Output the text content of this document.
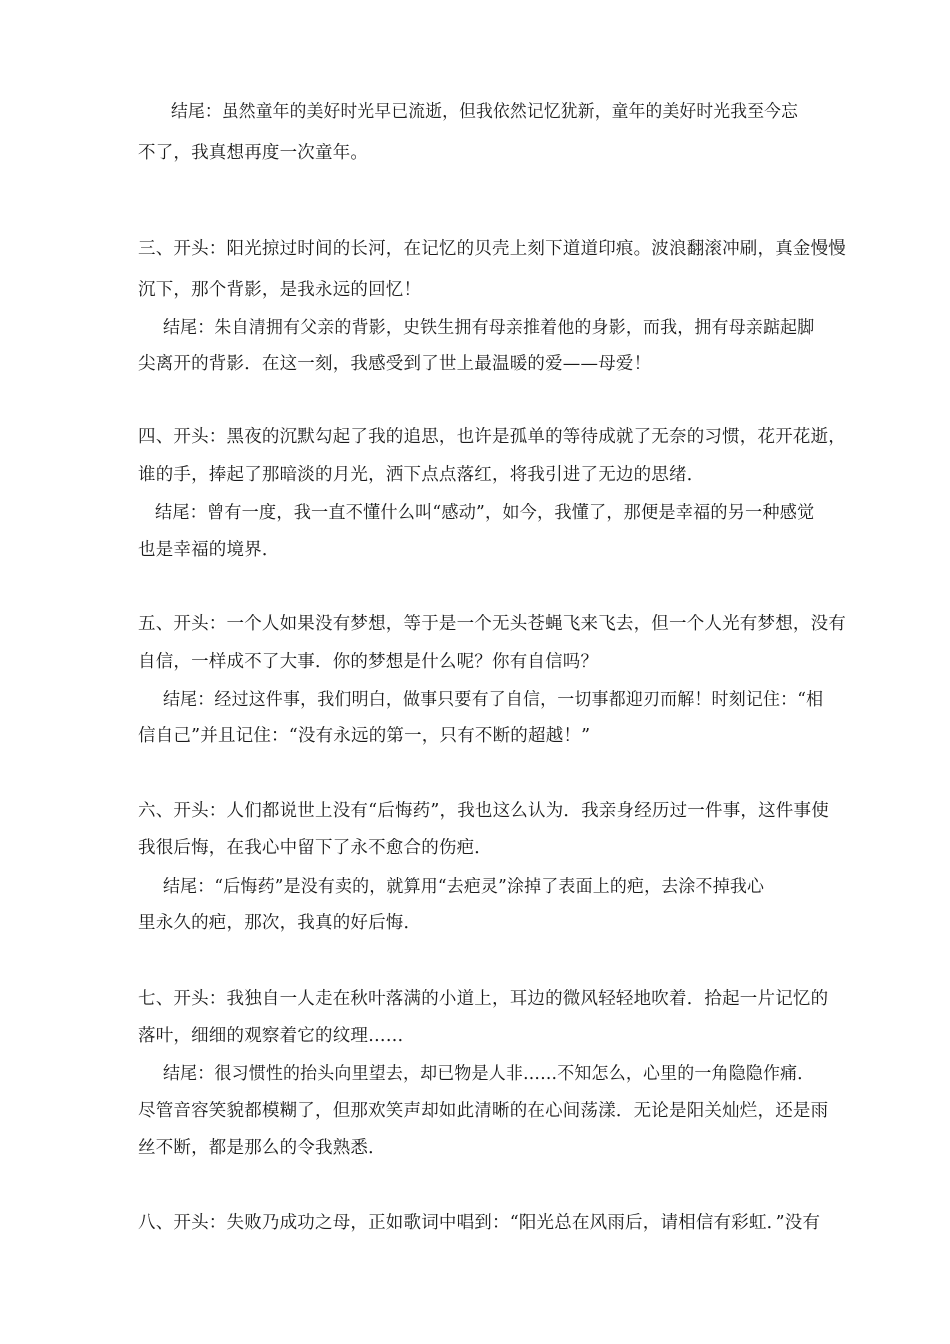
结尾：虽然童年的美好时光早已流逝，但我依然记忆犹新，童年的美好时光我至今忘
不了，我真想再度一次童年。
三、开头：阳光掠过时间的长河，在记忆的贝壳上刻下道道印痕。波浪翻滚冲刷，真金慢慢
沉下，那个背影，是我永远的回忆！
结尾：朱自清拥有父亲的背影，史铁生拥有母亲推着他的身影，而我，拥有母亲踮起脚
尖离开的背影．在这一刻，我感受到了世上最温暖的爱——母爱！
四、开头：黑夜的沉默勾起了我的追思，也许是孤单的等待成就了无奈的习惯，花开花逝，
谁的手，捧起了那暗淡的月光，洒下点点落红，将我引进了无边的思绪．
结尾：曾有一度，我一直不懂什么叫“感动”，如今，我懂了，那便是幸福的另一种感觉
也是幸福的境界．
五、开头：一个人如果没有梦想，等于是一个无头苍蝇飞来飞去，但一个人光有梦想，没有
自信，一样成不了大事．你的梦想是什么呢？你有自信吗？
结尾：经过这件事，我们明白，做事只要有了自信，一切事都迎刃而解！时刻记住：“相
信自己”并且记住：“没有永远的第一，只有不断的超越！”
六、开头：人们都说世上没有“后悔药”，我也这么认为．我亲身经历过一件事，这件事使
我很后悔，在我心中留下了永不愈合的伤疤．
结尾：“后悔药”是没有卖的，就算用“去疤灵”涂掉了表面上的疤，去涂不掉我心
里永久的疤，那次，我真的好后悔．
七、开头：我独自一人走在秋叶落满的小道上，耳边的微风轻轻地吹着．拾起一片记忆的
落叶，细细的观察着它的纹理……
结尾：很习惯性的抬头向里望去，却已物是人非……不知怎么，心里的一角隐隐作痛．
尽管音容笑貌都模糊了，但那欢笑声却如此清晰的在心间荡漾．无论是阳关灿烂，还是雨
丝不断，都是那么的令我熟悉．
八、开头：失败乃成功之母，正如歌词中唱到：“阳光总在风雨后，请相信有彩虹．”没有
